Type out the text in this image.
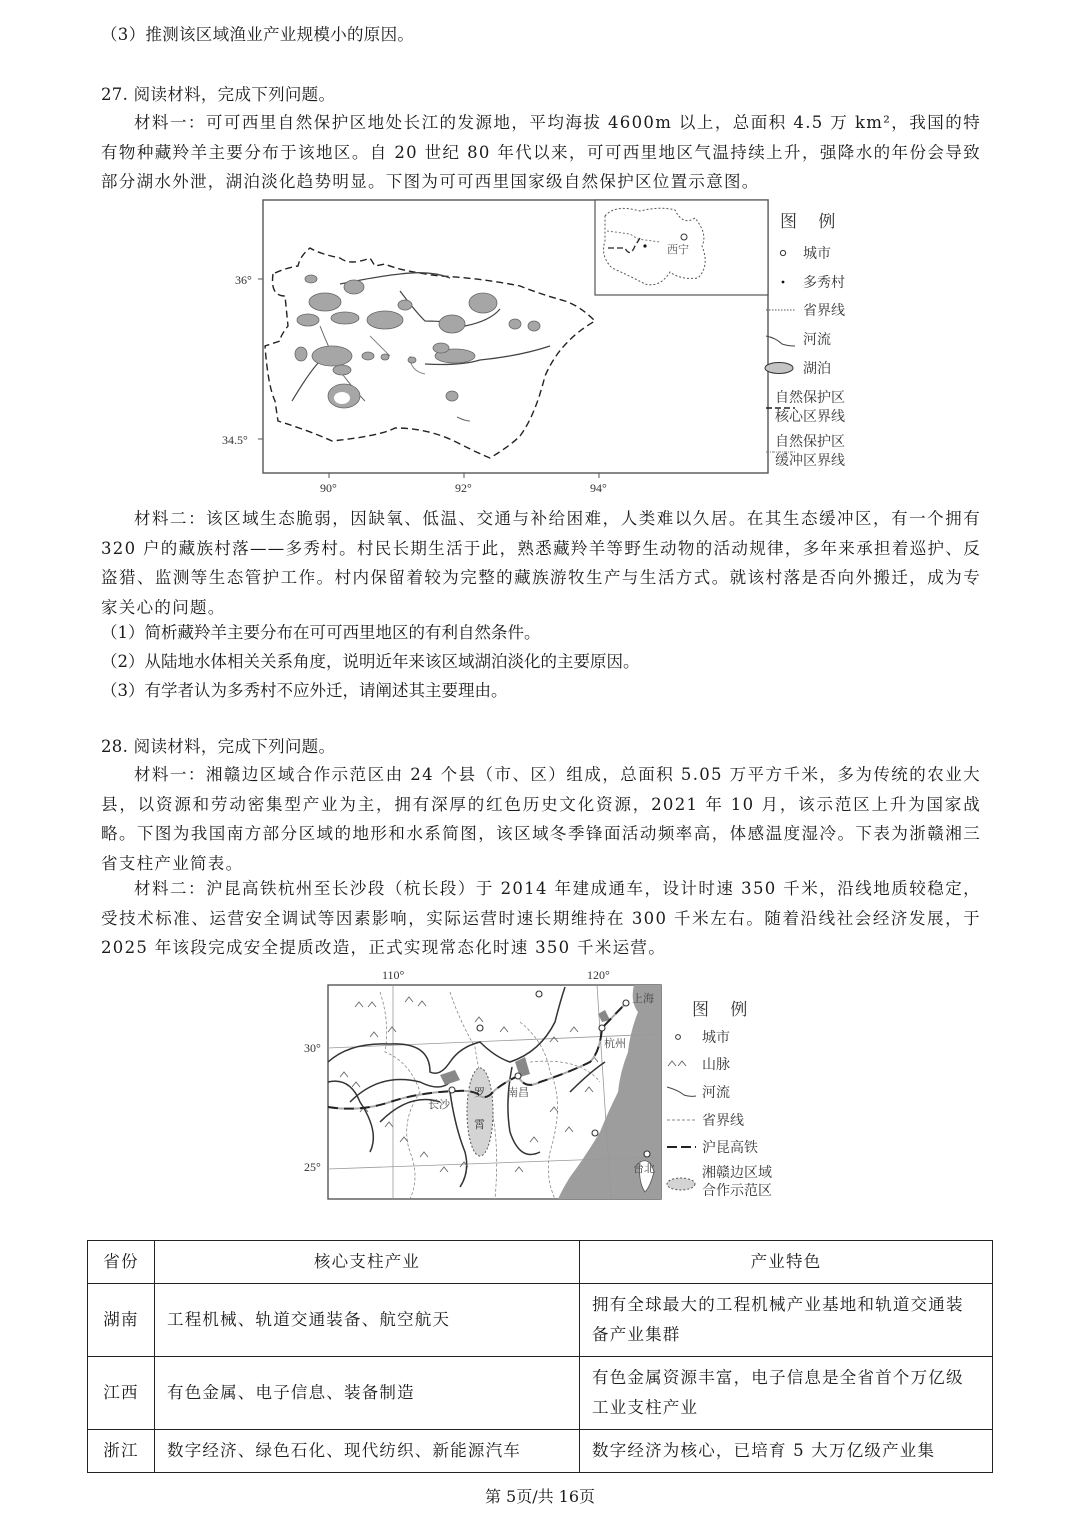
（3）推测该区域渔业产业规模小的原因。
27. 阅读材料，完成下列问题。
材料一：可可西里自然保护区地处长江的发源地，平均海拔 4600m 以上，总面积 4.5 万 km²，我国的特有物种藏羚羊主要分布于该地区。自 20 世纪 80 年代以来，可可西里地区气温持续上升，强降水的年份会导致部分湖水外泄，湖泊淡化趋势明显。下图为可可西里国家级自然保护区位置示意图。
西宁
36°
34.5°
90°	92°	94°
图 例
城市
多秀村
省界线
河流
湖泊
自然保护区
核心区界线
自然保护区
缓冲区界线
材料二：该区域生态脆弱，因缺氧、低温、交通与补给困难，人类难以久居。在其生态缓冲区，有一个拥有 320 户的藏族村落——多秀村。村民长期生活于此，熟悉藏羚羊等野生动物的活动规律，多年来承担着巡护、反盗猎、监测等生态管护工作。村内保留着较为完整的藏族游牧生产与生活方式。就该村落是否向外搬迁，成为专家关心的问题。
（1）简析藏羚羊主要分布在可可西里地区的有利自然条件。
（2）从陆地水体相关关系角度，说明近年来该区域湖泊淡化的主要原因。
（3）有学者认为多秀村不应外迁，请阐述其主要理由。
28. 阅读材料，完成下列问题。
材料一：湘赣边区域合作示范区由 24 个县（市、区）组成，总面积 5.05 万平方千米，多为传统的农业大县，以资源和劳动密集型产业为主，拥有深厚的红色历史文化资源，2021 年 10 月，该示范区上升为国家战略。下图为我国南方部分区域的地形和水系简图，该区域冬季锋面活动频率高，体感温度湿冷。下表为浙赣湘三省支柱产业简表。
材料二：沪昆高铁杭州至长沙段（杭长段）于 2014 年建成通车，设计时速 350 千米，沿线地质较稳定，受技术标准、运营安全调试等因素影响，实际运营时速长期维持在 300 千米左右。随着沿线社会经济发展，于 2025 年该段完成安全提质改造，正式实现常态化时速 350 千米运营。
罗
霄
上海
杭州
南昌
长沙
台北
110°	120°
30°
25°
图 例
城市
山脉
河流
省界线
沪昆高铁
湘赣边区域
合作示范区
省份	核心支柱产业	产业特色
湖南	工程机械、轨道交通装备、航空航天	拥有全球最大的工程机械产业基地和轨道交通装备产业集群
江西	有色金属、电子信息、装备制造	有色金属资源丰富，电子信息是全省首个万亿级工业支柱产业
浙江	数字经济、绿色石化、现代纺织、新能源汽车	数字经济为核心，已培育 5 大万亿级产业集
第 5页/共 16页
